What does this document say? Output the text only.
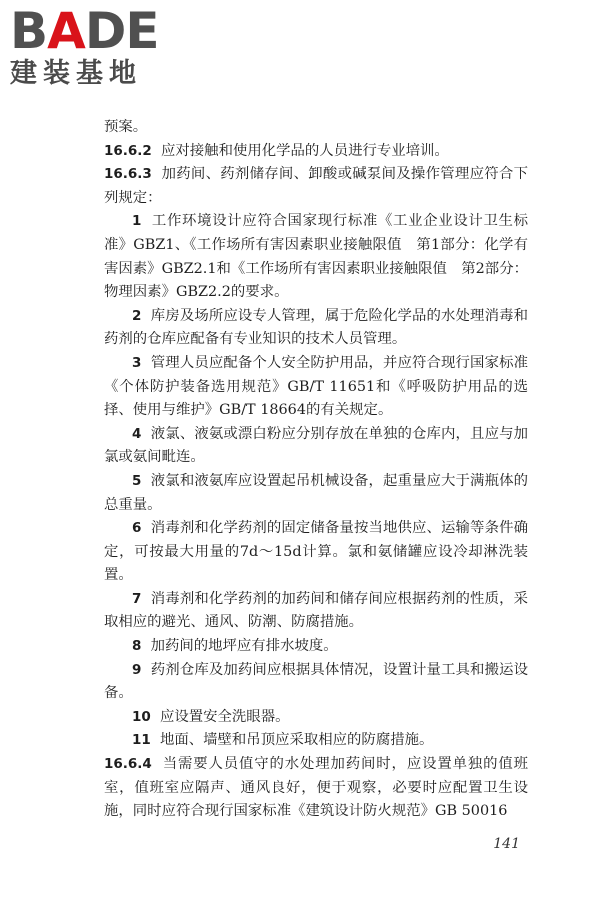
B A DE
建装基地

预案。

16.6.2 应对接触和使用化学品的人员进行专业培训。

16.6.3 加药间、药剂储存间、卸酸或碱泵间及操作管理应符合下列规定：

1 工作环境设计应符合国家现行标准《工业企业设计卫生标准》GBZ1、《工作场所有害因素职业接触限值　第1部分：化学有害因素》GBZ2.1和《工作场所有害因素职业接触限值　第2部分：物理因素》GBZ2.2的要求。

2 库房及场所应设专人管理，属于危险化学品的水处理消毒和药剂的仓库应配备有专业知识的技术人员管理。

3 管理人员应配备个人安全防护用品，并应符合现行国家标准《个体防护装备选用规范》GB/T 11651和《呼吸防护用品的选择、使用与维护》GB/T 18664的有关规定。

4 液氯、液氨或漂白粉应分别存放在单独的仓库内，且应与加氯或氨间毗连。

5 液氯和液氨库应设置起吊机械设备，起重量应大于满瓶体的总重量。

6 消毒剂和化学药剂的固定储备量按当地供应、运输等条件确定，可按最大用量的7d～15d计算。氯和氨储罐应设冷却淋洗装置。

7 消毒剂和化学药剂的加药间和储存间应根据药剂的性质，采取相应的避光、通风、防潮、防腐措施。

8 加药间的地坪应有排水坡度。

9 药剂仓库及加药间应根据具体情况，设置计量工具和搬运设备。

10 应设置安全洗眼器。

11 地面、墙壁和吊顶应采取相应的防腐措施。

16.6.4 当需要人员值守的水处理加药间时，应设置单独的值班室，值班室应隔声、通风良好，便于观察，必要时应配置卫生设施，同时应符合现行国家标准《建筑设计防火规范》GB 50016

141
